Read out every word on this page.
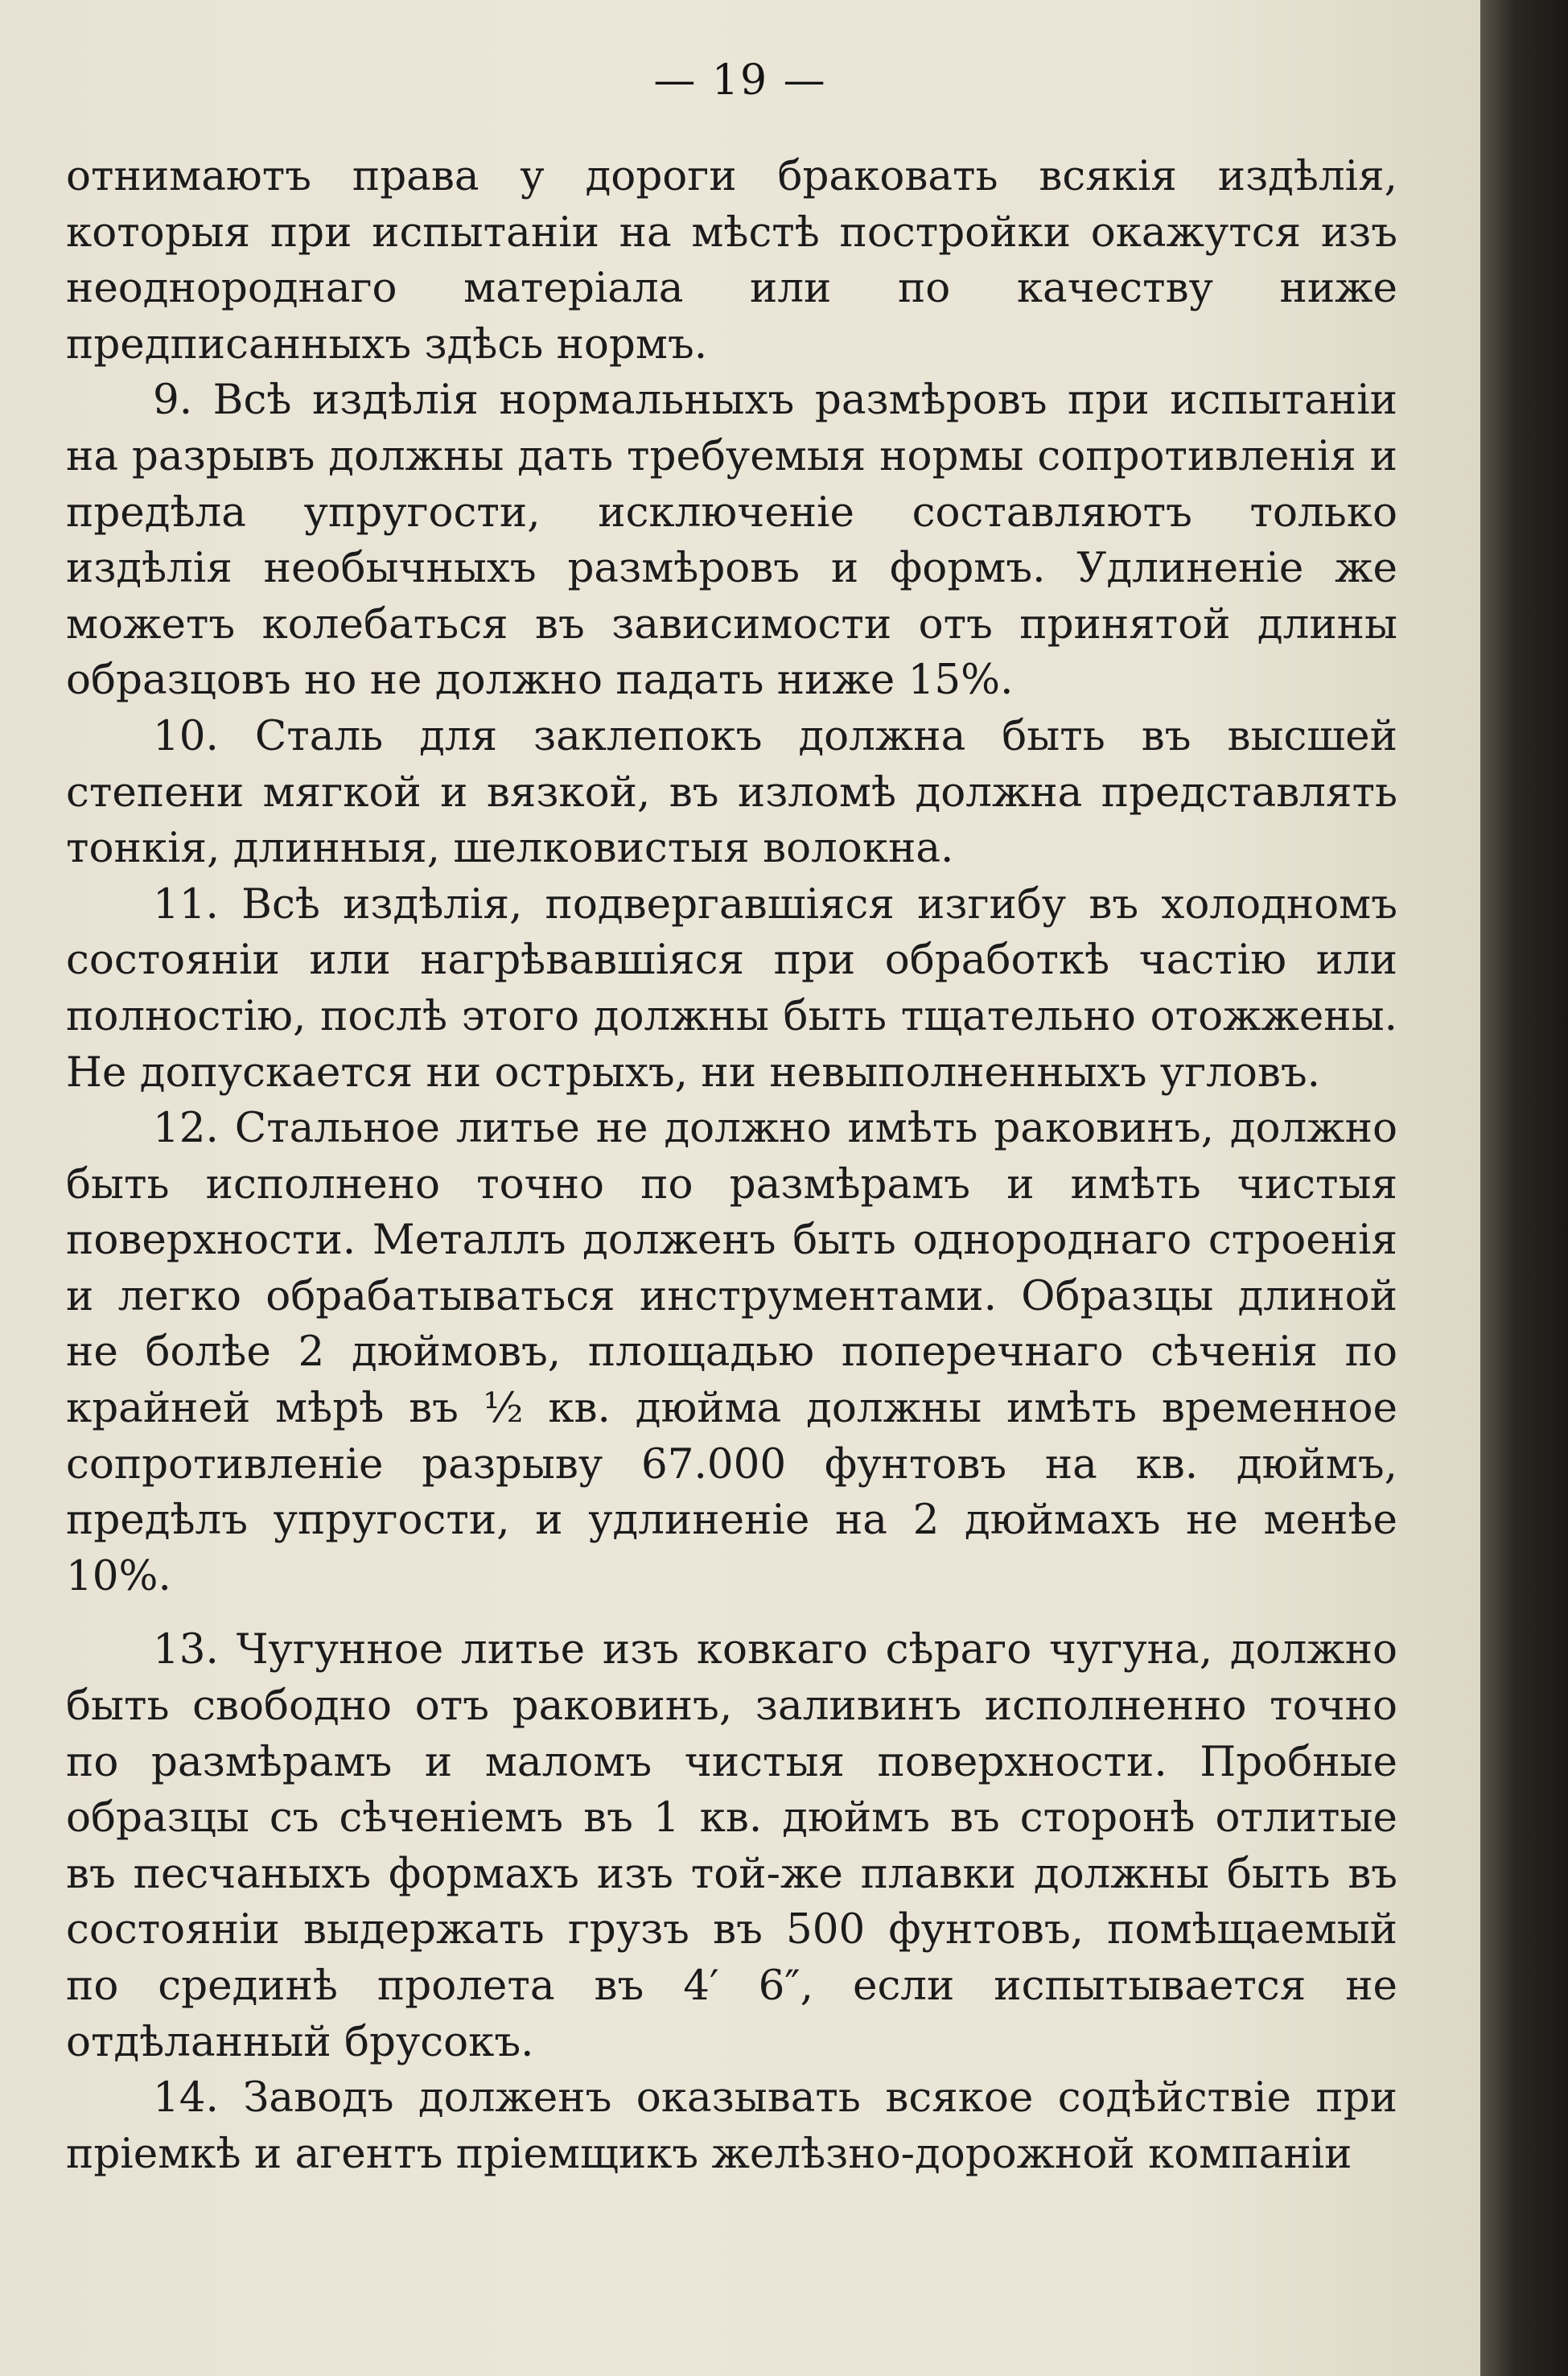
— 19 —

отнимаютъ права у дороги браковать всякія издѣлія, которыя при испытаніи на мѣстѣ постройки окажутся изъ неоднороднаго матеріала или по качеству ниже предписанныхъ здѣсь нормъ.

9. Всѣ издѣлія нормальныхъ размѣровъ при испытаніи на разрывъ должны дать требуемыя нормы сопротивленія и предѣла упругости, исключеніе составляютъ только издѣлія необычныхъ размѣровъ и формъ. Удлиненіе же можетъ колебаться въ зависимости отъ принятой длины образцовъ но не должно падать ниже 15%.

10. Сталь для заклепокъ должна быть въ высшей степени мягкой и вязкой, въ изломѣ должна представлять тонкія, длинныя, шелковистыя волокна.

11. Всѣ издѣлія, подвергавшіяся изгибу въ холодномъ состояніи или нагрѣвавшіяся при обработкѣ частію или полностію, послѣ этого должны быть тщательно отожжены. Не допускается ни острыхъ, ни невыполненныхъ угловъ.

12. Стальное литье не должно имѣть раковинъ, должно быть исполнено точно по размѣрамъ и имѣть чистыя поверхности. Металлъ долженъ быть однороднаго строенія и легко обрабатываться инструментами. Образцы длиной не болѣе 2 дюймовъ, площадью поперечнаго сѣченія по крайней мѣрѣ въ ½ кв. дюйма должны имѣть временное сопротивленіе разрыву 67.000 фунтовъ на кв. дюймъ, предѣлъ упругости, и удлиненіе на 2 дюймахъ не менѣе 10%.

13. Чугунное литье изъ ковкаго сѣраго чугуна, должно быть свободно отъ раковинъ, заливинъ исполненно точно по размѣрамъ и маломъ чистыя поверхности. Пробные образцы съ сѣченіемъ въ 1 кв. дюймъ въ сторонѣ отлитые въ песчаныхъ формахъ изъ той-же плавки должны быть въ состояніи выдержать грузъ въ 500 фунтовъ, помѣщаемый по срединѣ пролета въ 4′ 6″, если испытывается не отдѣланный брусокъ.

14. Заводъ долженъ оказывать всякое содѣйствіе при пріемкѣ и агентъ пріемщикъ желѣзно-дорожной компаніи
